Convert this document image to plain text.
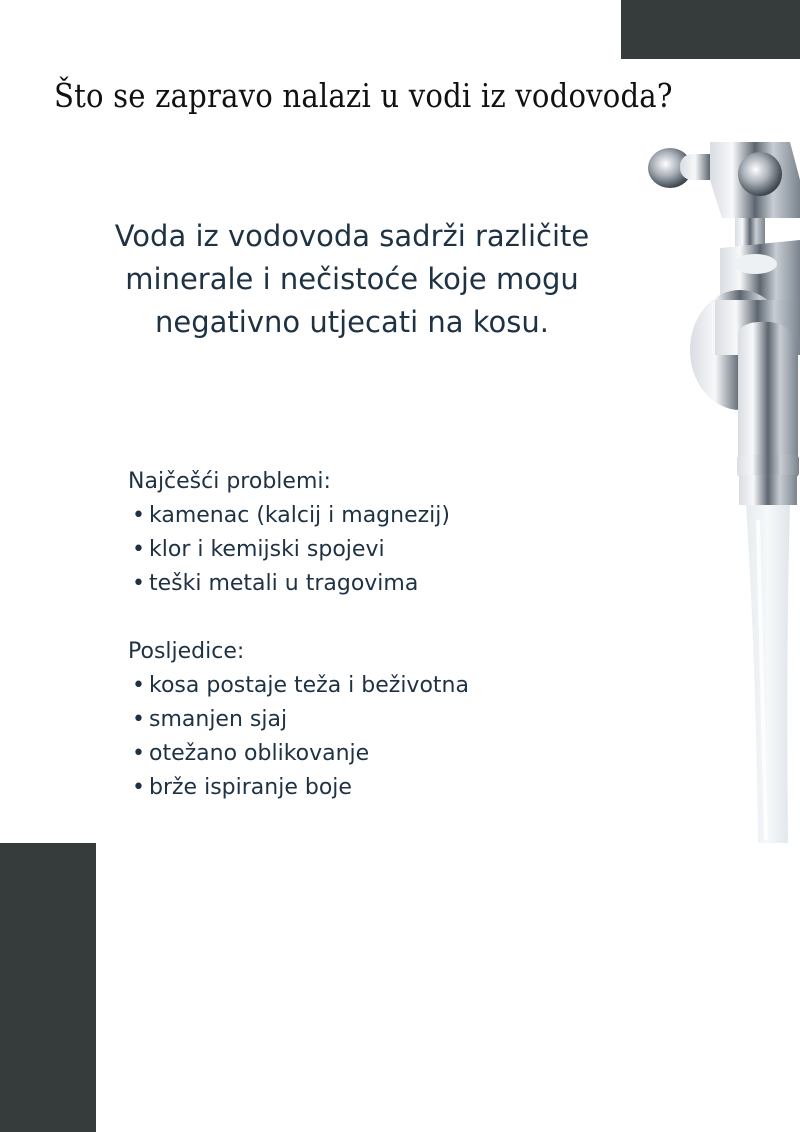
Što se zapravo nalazi u vodi iz vodovoda?
Voda iz vodovoda sadrži različite
minerale i nečistoće koje mogu
negativno utjecati na kosu.
Najčešći problemi:
• kamenac (kalcij i magnezij)
• klor i kemijski spojevi
• teški metali u tragovima
Posljedice:
• kosa postaje teža i beživotna
• smanjen sjaj
• otežano oblikovanje
• brže ispiranje boje
